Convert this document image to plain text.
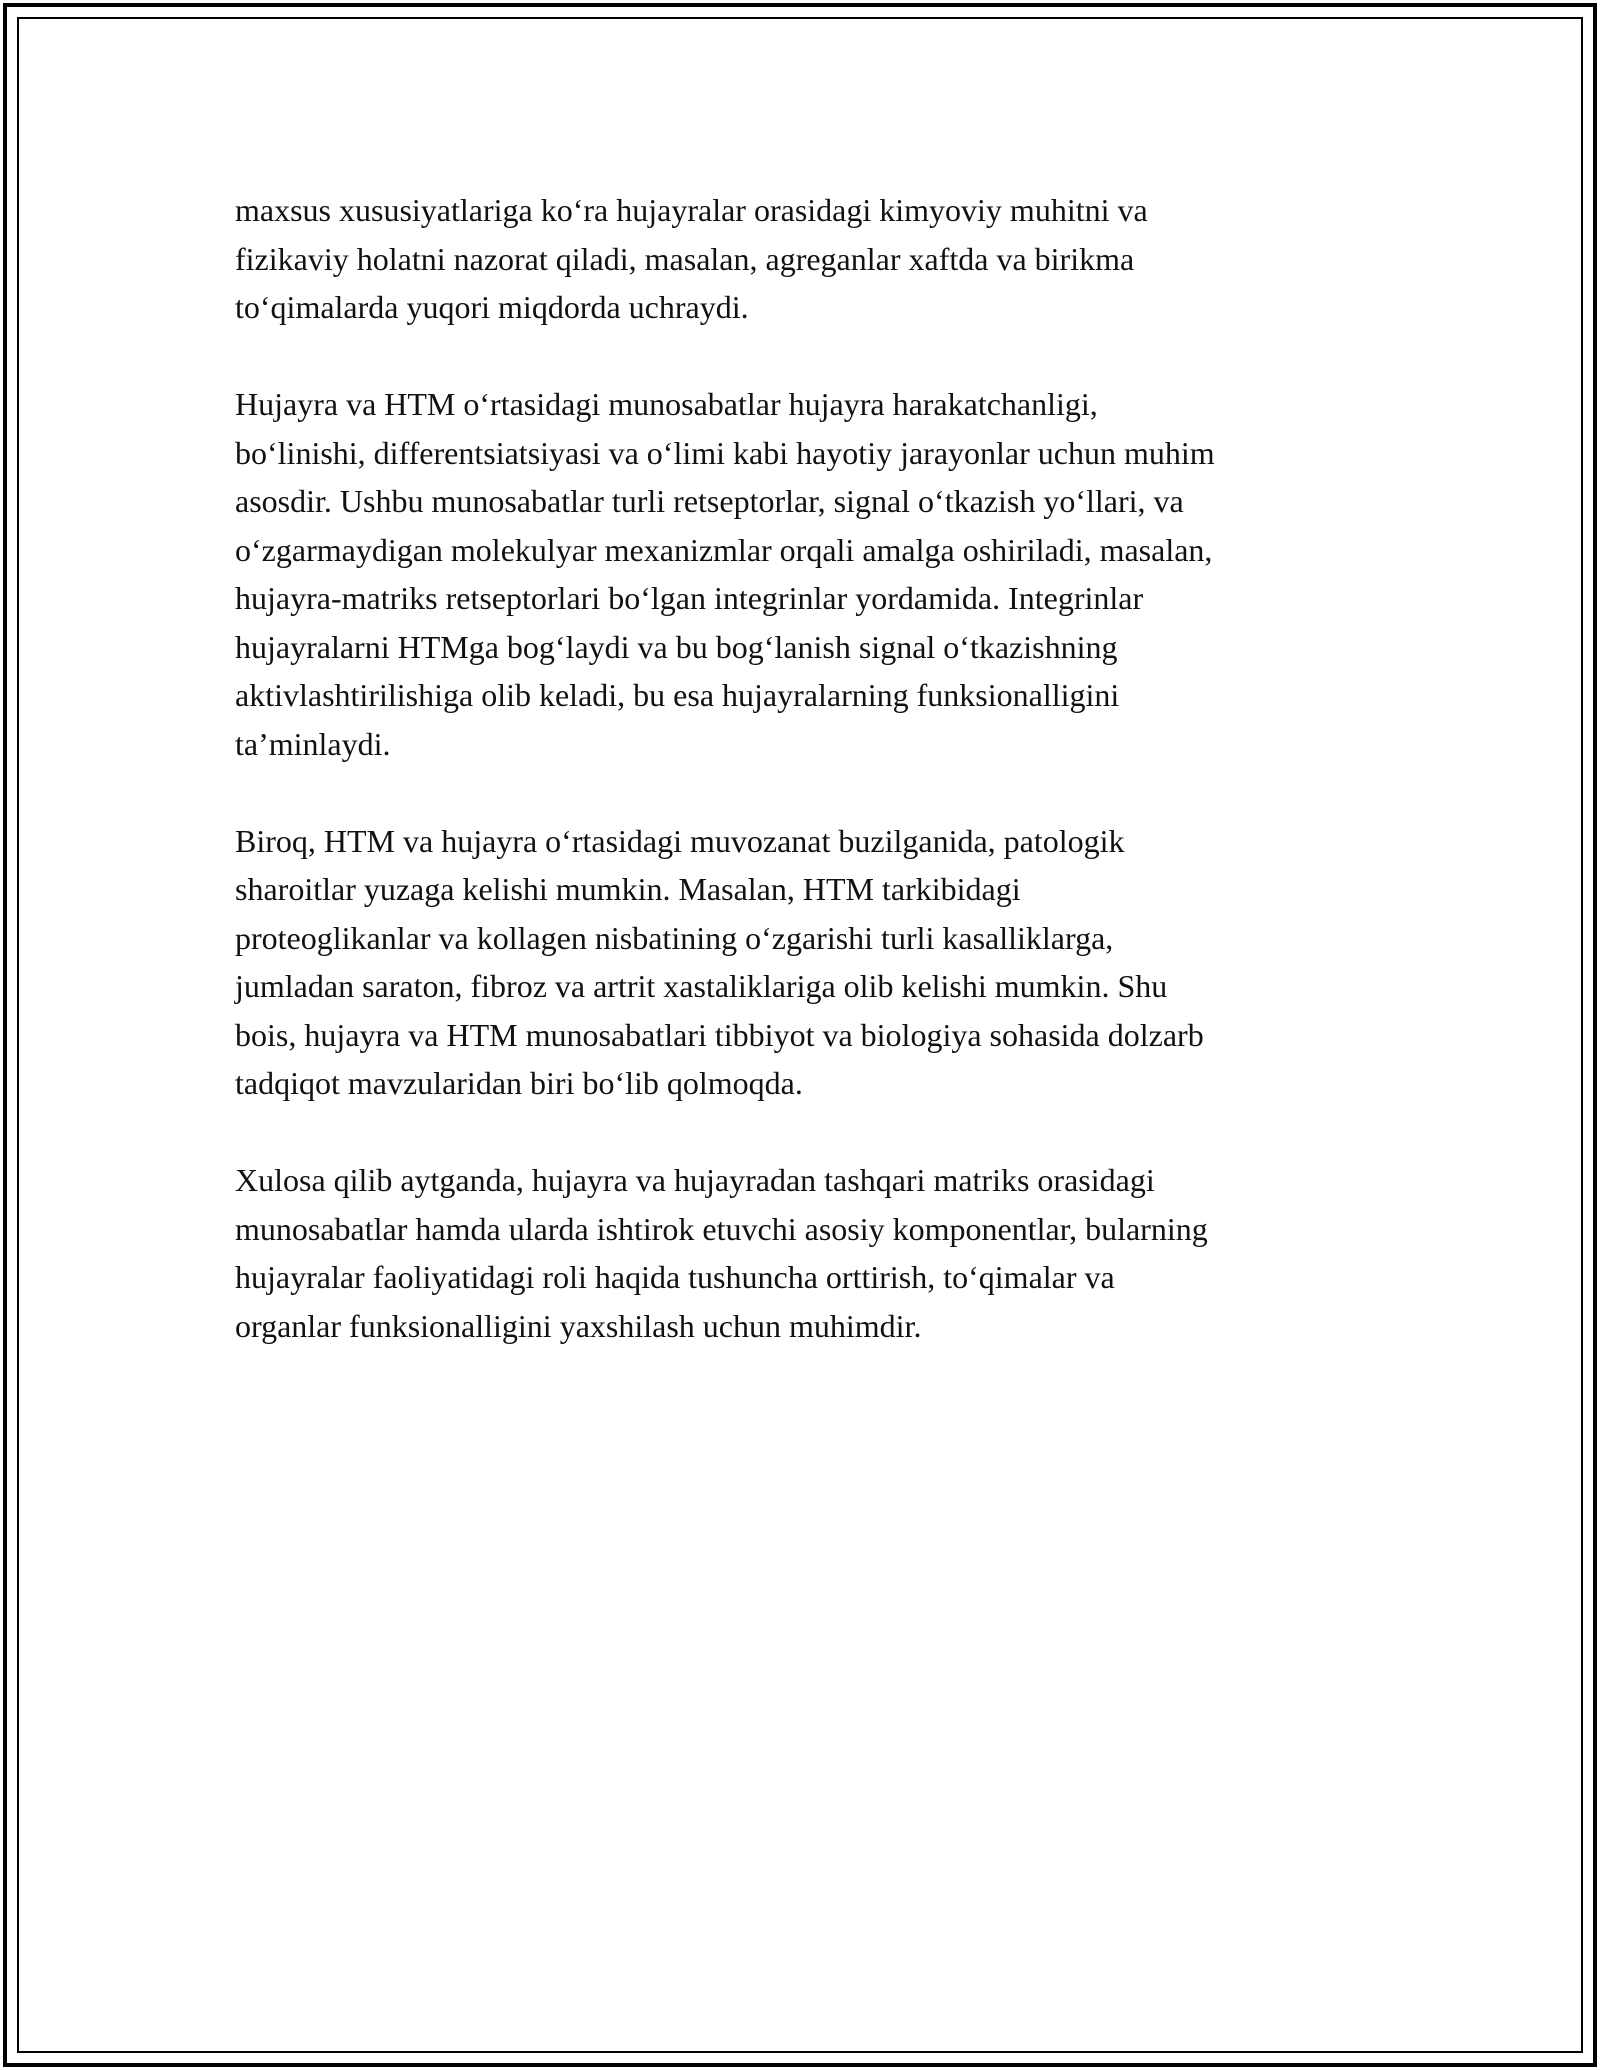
maxsus xususiyatlariga ko‘ra hujayralar orasidagi kimyoviy muhitni va
fizikaviy holatni nazorat qiladi, masalan, agreganlar xaftda va birikma
to‘qimalarda yuqori miqdorda uchraydi.

Hujayra va HTM o‘rtasidagi munosabatlar hujayra harakatchanligi,
bo‘linishi, differentsiatsiyasi va o‘limi kabi hayotiy jarayonlar uchun muhim
asosdir. Ushbu munosabatlar turli retseptorlar, signal o‘tkazish yo‘llari, va
o‘zgarmaydigan molekulyar mexanizmlar orqali amalga oshiriladi, masalan,
hujayra-matriks retseptorlari bo‘lgan integrinlar yordamida. Integrinlar
hujayralarni HTMga bog‘laydi va bu bog‘lanish signal o‘tkazishning
aktivlashtirilishiga olib keladi, bu esa hujayralarning funksionalligini
ta’minlaydi.

Biroq, HTM va hujayra o‘rtasidagi muvozanat buzilganida, patologik
sharoitlar yuzaga kelishi mumkin. Masalan, HTM tarkibidagi
proteoglikanlar va kollagen nisbatining o‘zgarishi turli kasalliklarga,
jumladan saraton, fibroz va artrit xastaliklariga olib kelishi mumkin. Shu
bois, hujayra va HTM munosabatlari tibbiyot va biologiya sohasida dolzarb
tadqiqot mavzularidan biri bo‘lib qolmoqda.

Xulosa qilib aytganda, hujayra va hujayradan tashqari matriks orasidagi
munosabatlar hamda ularda ishtirok etuvchi asosiy komponentlar, bularning
hujayralar faoliyatidagi roli haqida tushuncha orttirish, to‘qimalar va
organlar funksionalligini yaxshilash uchun muhimdir.
